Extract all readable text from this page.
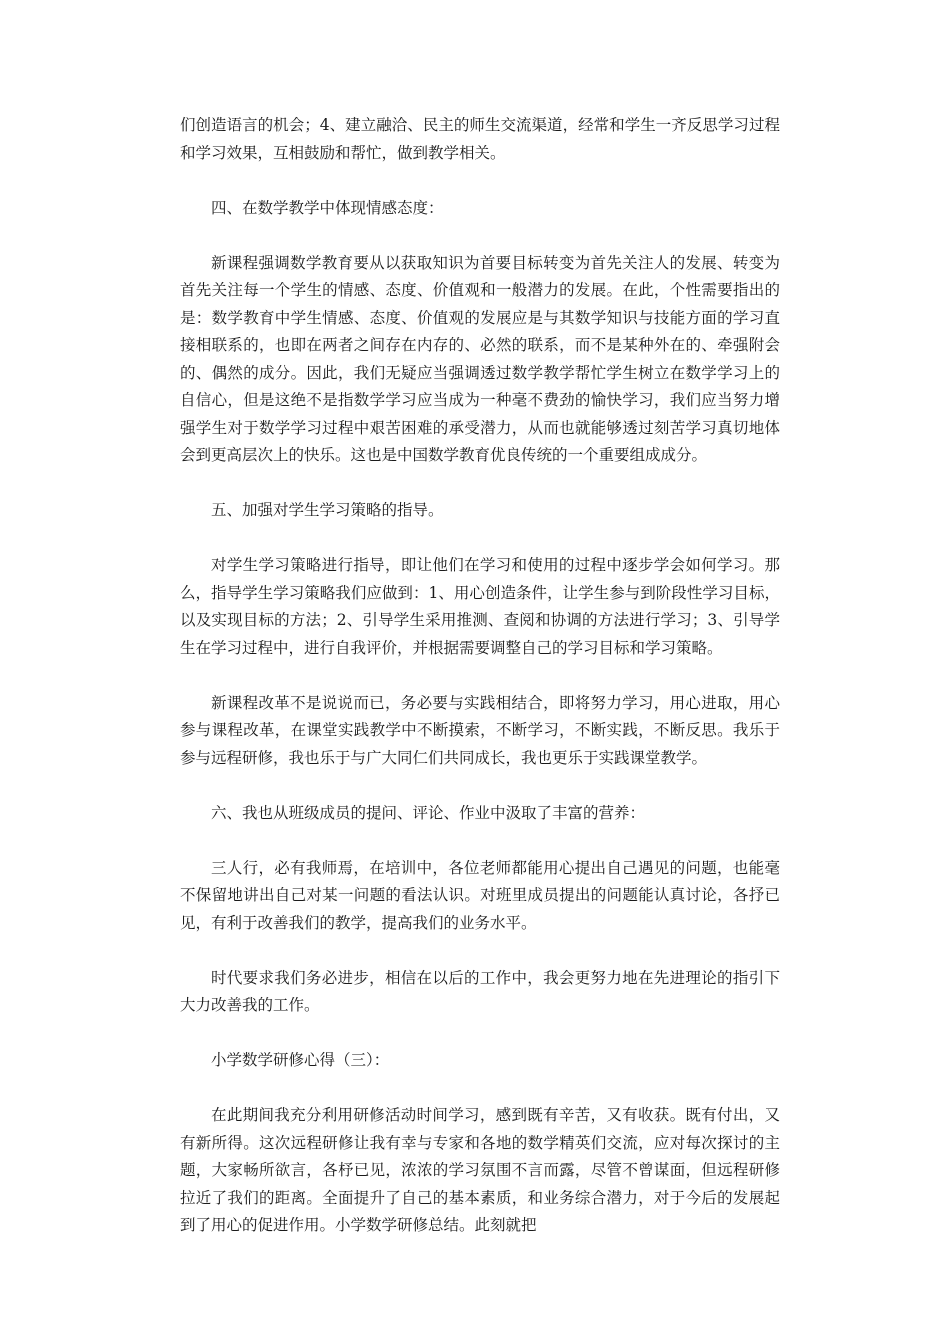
们创造语言的机会；4、建立融洽、民主的师生交流渠道，经常和学生一齐反思学习过程和学习效果，互相鼓励和帮忙，做到教学相关。

四、在数学教学中体现情感态度：

新课程强调数学教育要从以获取知识为首要目标转变为首先关注人的发展、转变为首先关注每一个学生的情感、态度、价值观和一般潜力的发展。在此，个性需要指出的是：数学教育中学生情感、态度、价值观的发展应是与其数学知识与技能方面的学习直接相联系的，也即在两者之间存在内存的、必然的联系，而不是某种外在的、牵强附会的、偶然的成分。因此，我们无疑应当强调透过数学教学帮忙学生树立在数学学习上的自信心，但是这绝不是指数学学习应当成为一种毫不费劲的愉快学习，我们应当努力增强学生对于数学学习过程中艰苦困难的承受潜力，从而也就能够透过刻苦学习真切地体会到更高层次上的快乐。这也是中国数学教育优良传统的一个重要组成成分。

五、加强对学生学习策略的指导。

对学生学习策略进行指导，即让他们在学习和使用的过程中逐步学会如何学习。那么，指导学生学习策略我们应做到：1、用心创造条件，让学生参与到阶段性学习目标，以及实现目标的方法；2、引导学生采用推测、查阅和协调的方法进行学习；3、引导学生在学习过程中，进行自我评价，并根据需要调整自己的学习目标和学习策略。

新课程改革不是说说而已，务必要与实践相结合，即将努力学习，用心进取，用心参与课程改革，在课堂实践教学中不断摸索，不断学习，不断实践，不断反思。我乐于参与远程研修，我也乐于与广大同仁们共同成长，我也更乐于实践课堂教学。

六、我也从班级成员的提问、评论、作业中汲取了丰富的营养：

三人行，必有我师焉，在培训中，各位老师都能用心提出自己遇见的问题，也能毫不保留地讲出自己对某一问题的看法认识。对班里成员提出的问题能认真讨论，各抒已见，有利于改善我们的教学，提高我们的业务水平。

时代要求我们务必进步，相信在以后的工作中，我会更努力地在先进理论的指引下大力改善我的工作。

小学数学研修心得（三）：

在此期间我充分利用研修活动时间学习，感到既有辛苦，又有收获。既有付出，又有新所得。这次远程研修让我有幸与专家和各地的数学精英们交流，应对每次探讨的主题，大家畅所欲言，各杼已见，浓浓的学习氛围不言而露，尽管不曾谋面，但远程研修拉近了我们的距离。全面提升了自己的基本素质，和业务综合潜力，对于今后的发展起到了用心的促进作用。小学数学研修总结。此刻就把
